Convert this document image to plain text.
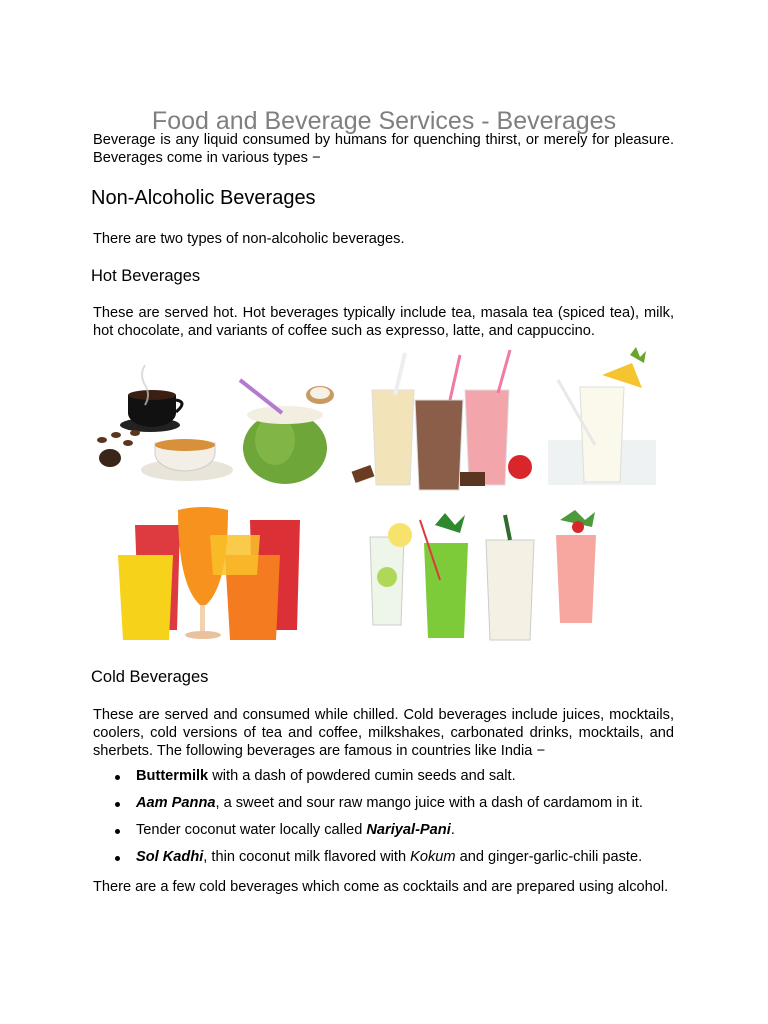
Food and Beverage Services - Beverages

Beverage is any liquid consumed by humans for quenching thirst, or merely for pleasure. Beverages come in various types −

Non-Alcoholic Beverages

There are two types of non-alcoholic beverages.

Hot Beverages

These are served hot. Hot beverages typically include tea, masala tea (spiced tea), milk, hot chocolate, and variants of coffee such as expresso, latte, and cappuccino.

Cold Beverages

These are served and consumed while chilled. Cold beverages include juices, mocktails, coolers, cold versions of tea and coffee, milkshakes, carbonated drinks, mocktails, and sherbets. The following beverages are famous in countries like India −

Buttermilk with a dash of powdered cumin seeds and salt.
Aam Panna, a sweet and sour raw mango juice with a dash of cardamom in it.
Tender coconut water locally called Nariyal-Pani.
Sol Kadhi, thin coconut milk flavored with Kokum and ginger-garlic-chili paste.

There are a few cold beverages which come as cocktails and are prepared using alcohol.
